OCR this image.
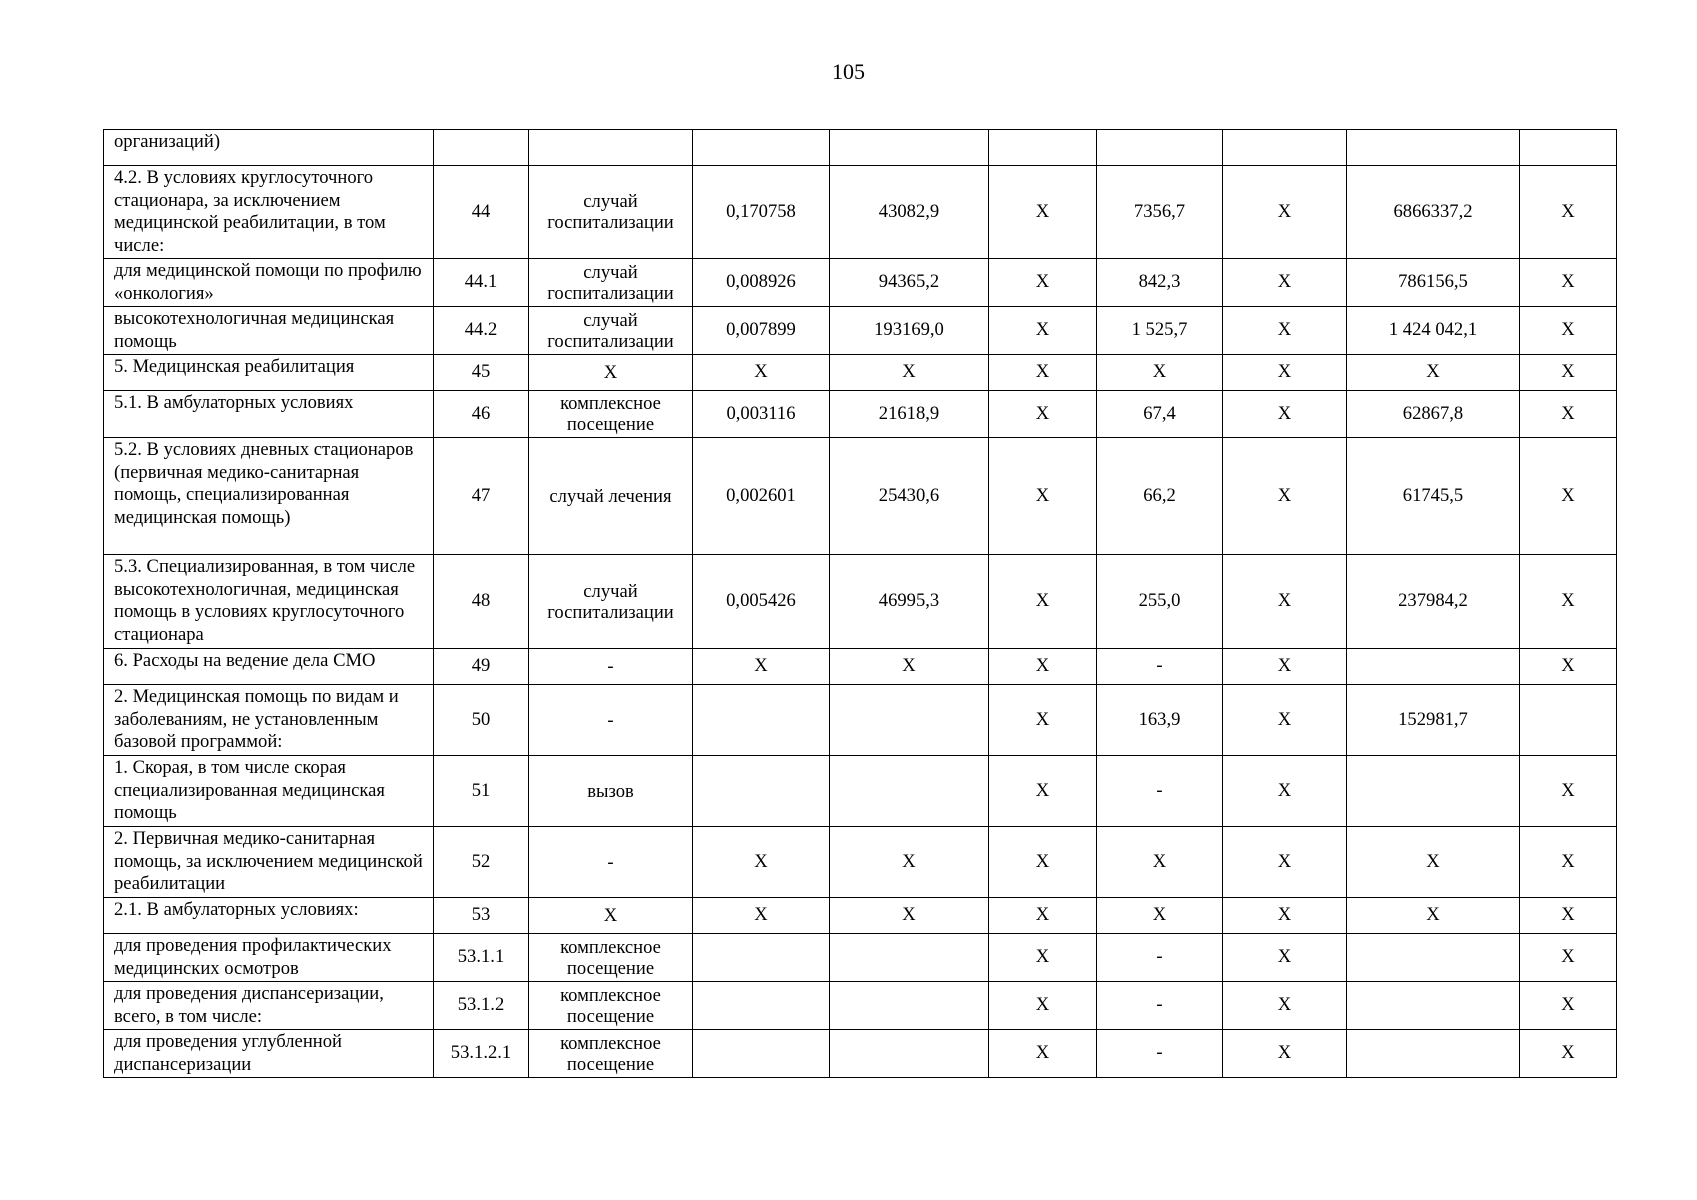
105
организаций)									
4.2. В условиях круглосуточного стационара, за исключением медицинской реабилитации, в том числе:	44	случай госпитализации	0,170758	43082,9	X	7356,7	X	6866337,2	X
для медицинской помощи по профилю «онкология»	44.1	случай госпитализации	0,008926	94365,2	X	842,3	X	786156,5	X
высокотехнологичная медицинская помощь	44.2	случай госпитализации	0,007899	193169,0	X	1 525,7	X	1 424 042,1	X
5. Медицинская реабилитация	45	X	X	X	X	X	X	X	X
5.1. В амбулаторных условиях	46	комплексное посещение	0,003116	21618,9	X	67,4	X	62867,8	X
5.2. В условиях дневных стационаров (первичная медико-санитарная помощь, специализированная медицинская помощь)	47	случай лечения	0,002601	25430,6	X	66,2	X	61745,5	X
5.3. Специализированная, в том числе высокотехнологичная, медицинская помощь в условиях круглосуточного стационара	48	случай госпитализации	0,005426	46995,3	X	255,0	X	237984,2	X
6. Расходы на ведение дела СМО	49	-	X	X	X	-	X		X
2. Медицинская помощь по видам и заболеваниям, не установленным базовой программой:	50	-			X	163,9	X	152981,7	
1. Скорая, в том числе скорая специализированная медицинская помощь	51	вызов			X	-	X		X
2. Первичная медико-санитарная помощь, за исключением медицинской реабилитации	52	-	X	X	X	X	X	X	X
2.1. В амбулаторных условиях:	53	X	X	X	X	X	X	X	X
для проведения профилактических медицинских осмотров	53.1.1	комплексное посещение			X	-	X		X
для проведения диспансеризации, всего, в том числе:	53.1.2	комплексное посещение			X	-	X		X
для проведения углубленной диспансеризации	53.1.2.1	комплексное посещение			X	-	X		X
